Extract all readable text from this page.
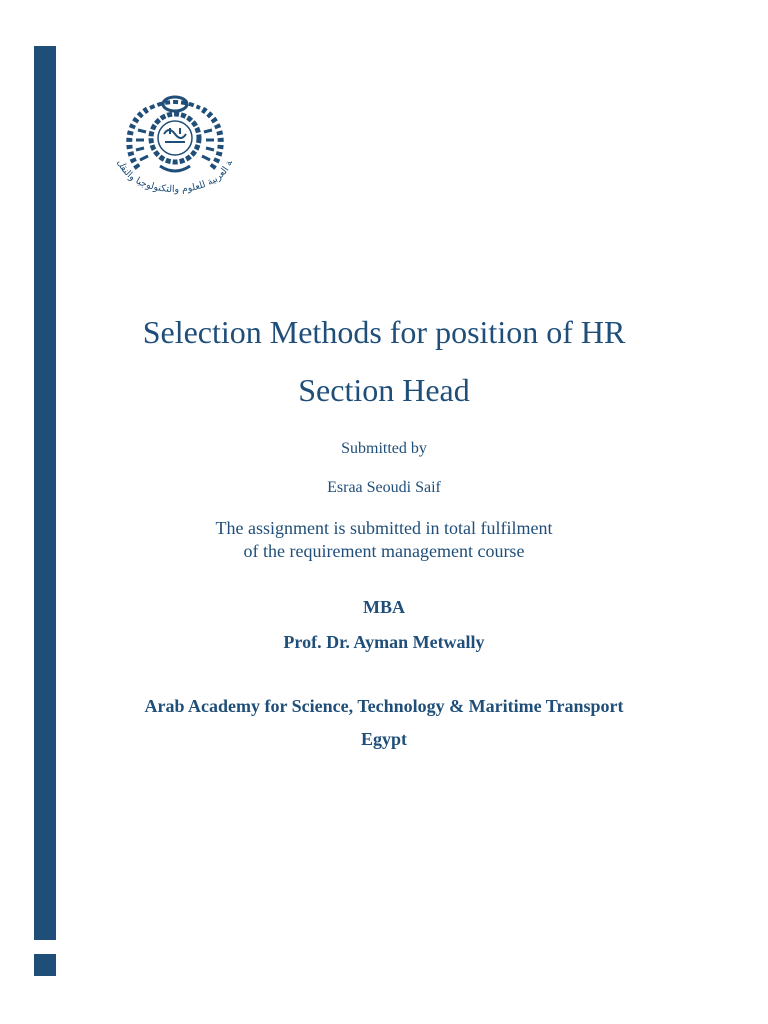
ة العربية للعلوم والتكنولوجيا والنقل
Selection Methods for position of HR
Section Head
Submitted by
Esraa Seoudi Saif
The assignment is submitted in total fulfilment
of the requirement management course
MBA
Prof. Dr. Ayman Metwally
Arab Academy for Science, Technology & Maritime Transport
Egypt
